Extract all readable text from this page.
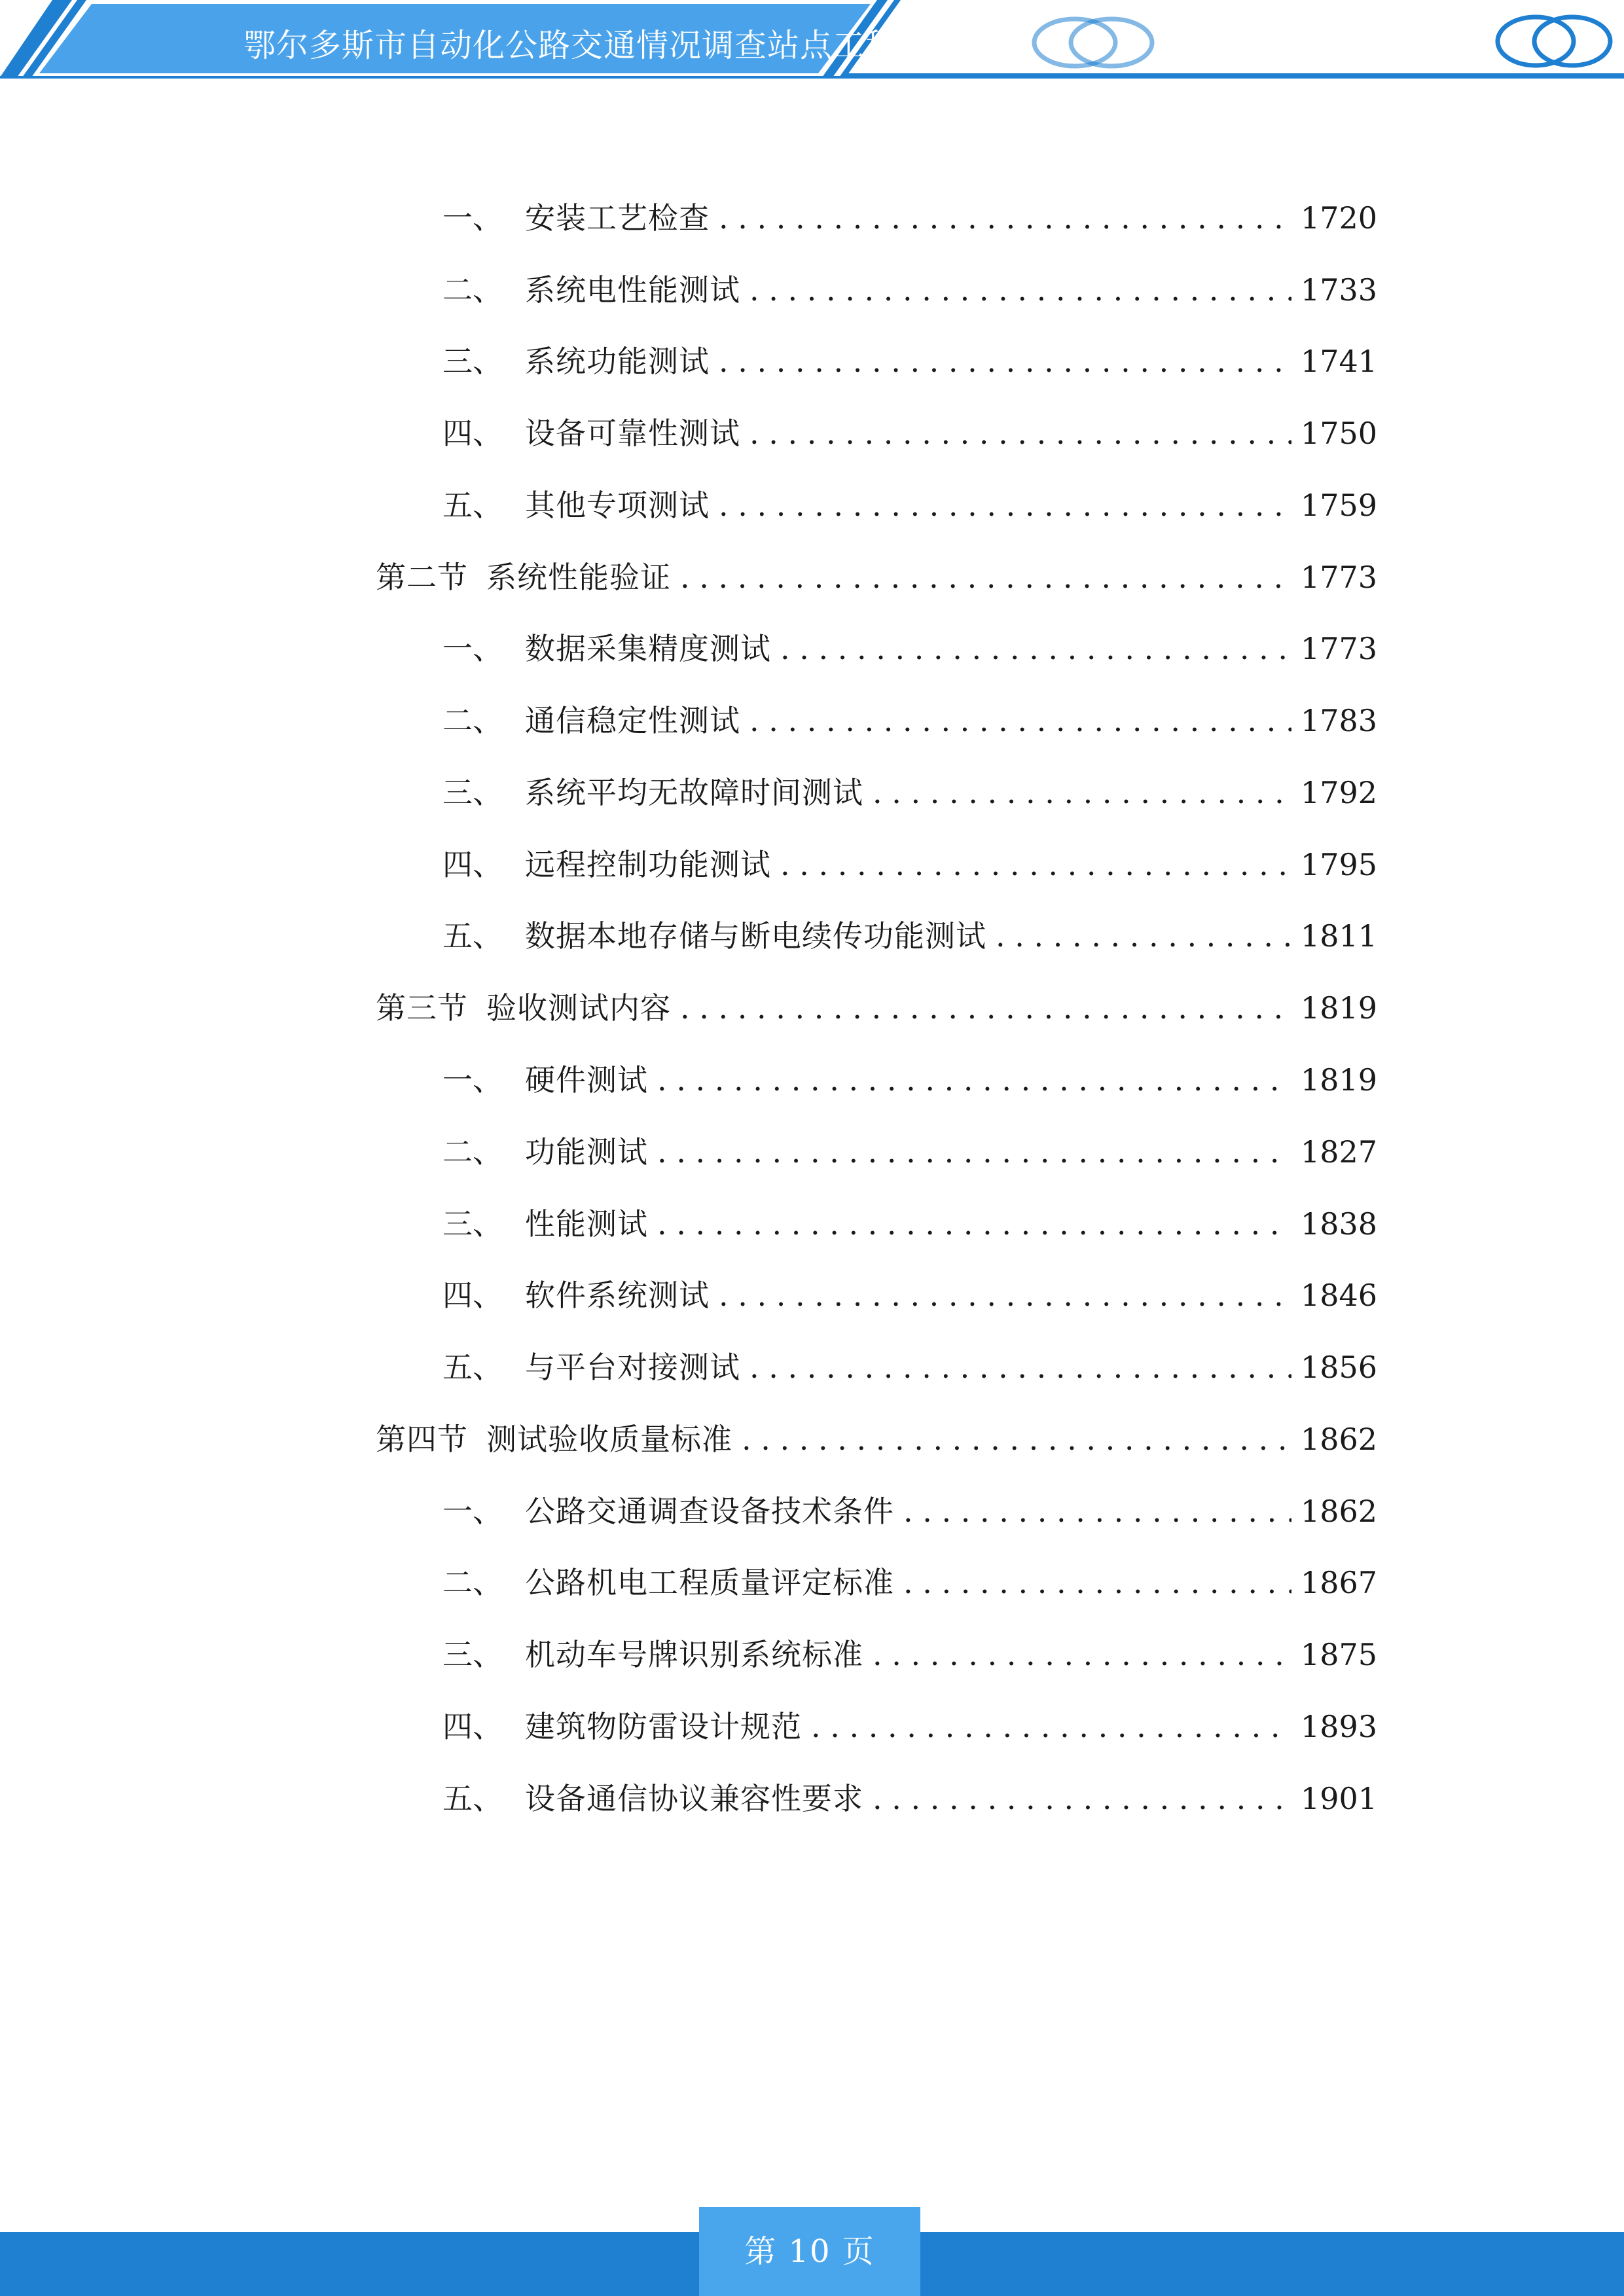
鄂尔多斯市自动化公路交通情况调查站点工程施工方案
一、 安装工艺检查 . . .	1720
二、 系统电性能测试 . . .	1733
三、 系统功能测试 . . .	1741
四、 设备可靠性测试 . . .	1750
五、 其他专项测试 . . .	1759
第二节 系统性能验证 . . .	1773
一、 数据采集精度测试 . . .	1773
二、 通信稳定性测试 . . .	1783
三、 系统平均无故障时间测试 . . .	1792
四、 远程控制功能测试 . . .	1795
五、 数据本地存储与断电续传功能测试 . . .	1811
第三节 验收测试内容 . . .	1819
一、 硬件测试 . . .	1819
二、 功能测试 . . .	1827
三、 性能测试 . . .	1838
四、 软件系统测试 . . .	1846
五、 与平台对接测试 . . .	1856
第四节 测试验收质量标准 . . .	1862
一、 公路交通调查设备技术条件 . . .	1862
二、 公路机电工程质量评定标准 . . .	1867
三、 机动车号牌识别系统标准 . . .	1875
四、 建筑物防雷设计规范 . . .	1893
五、 设备通信协议兼容性要求 . . .	1901
第 10 页
